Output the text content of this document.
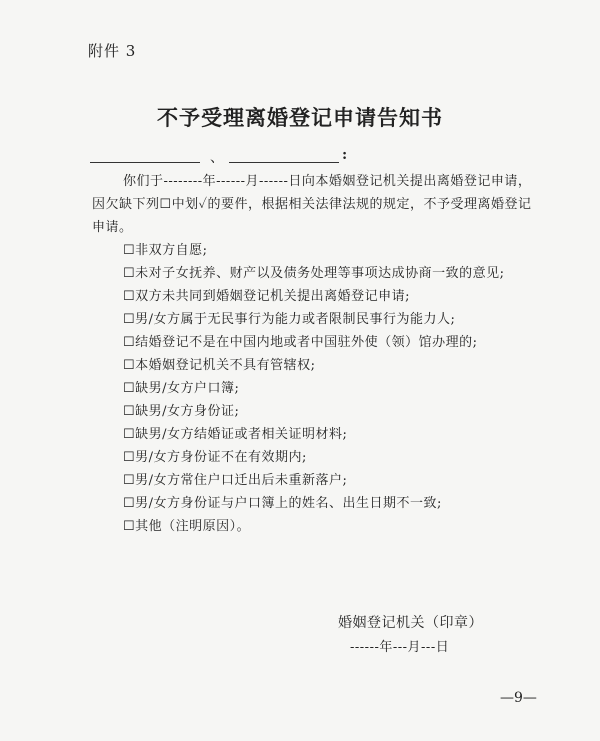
附件 3
不予受理离婚登记申请告知书
、	:

你们于--------年------月------日向本婚姻登记机关提出离婚登记申请，因欠缺下列☐中划✓的要件，根据相关法律法规的规定，不予受理离婚登记申请。

☐非双方自愿;

☐未对子女抚养、财产以及债务处理等事项达成协商一致的意见;

☐双方未共同到婚姻登记机关提出离婚登记申请;

☐男/女方属于无民事行为能力或者限制民事行为能力人;

☐结婚登记不是在中国内地或者中国驻外使（领）馆办理的;

☐本婚姻登记机关不具有管辖权;

☐缺男/女方户口簿;

☐缺男/女方身份证;

☐缺男/女方结婚证或者相关证明材料;

☐男/女方身份证不在有效期内;

☐男/女方常住户口迁出后未重新落户;

☐男/女方身份证与户口簿上的姓名、出生日期不一致;

☐其他（注明原因）。

婚姻登记机关（印章）
------年---月---日
—9—
